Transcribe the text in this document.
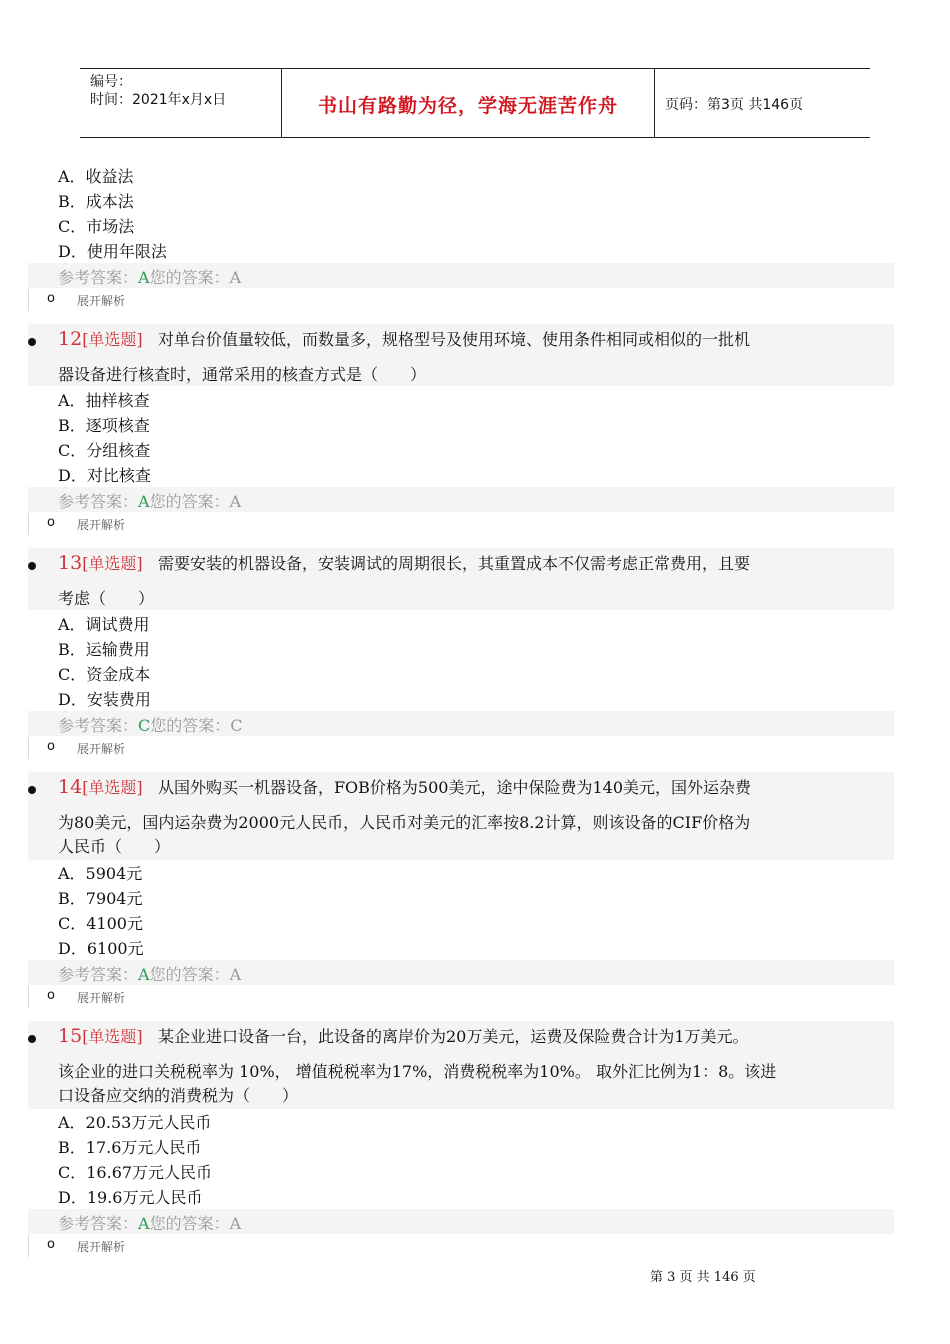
编号：
时间：2021年x月x日	书山有路勤为径，学海无涯苦作舟	页码：第3页 共146页
A．收益法
B．成本法
C．市场法
D．使用年限法
参考答案：A您的答案：A
o 展开解析
12[单选题] 对单台价值量较低，而数量多，规格型号及使用环境、使用条件相同或相似的一批机
器设备进行核查时，通常采用的核查方式是（　　）
A．抽样核查
B．逐项核查
C．分组核查
D．对比核查
参考答案：A您的答案：A
o 展开解析
13[单选题] 需要安装的机器设备，安装调试的周期很长，其重置成本不仅需考虑正常费用，且要
考虑（　　）
A．调试费用
B．运输费用
C．资金成本
D．安装费用
参考答案：C您的答案：C
o 展开解析
14[单选题] 从国外购买一机器设备，FOB价格为500美元，途中保险费为140美元，国外运杂费
为80美元，国内运杂费为2000元人民币，人民币对美元的汇率按8.2计算，则该设备的CIF价格为
人民币（　　）
A．5904元
B．7904元
C．4100元
D．6100元
参考答案：A您的答案：A
o 展开解析
15[单选题] 某企业进口设备一台，此设备的离岸价为20万美元，运费及保险费合计为1万美元。
该企业的进口关税税率为 10%， 增值税税率为17%，消费税税率为10%。 取外汇比例为1：8。该进
口设备应交纳的消费税为（　　）
A．20.53万元人民币
B．17.6万元人民币
C．16.67万元人民币
D．19.6万元人民币
参考答案：A您的答案：A
o 展开解析
第 3 页 共 146 页
